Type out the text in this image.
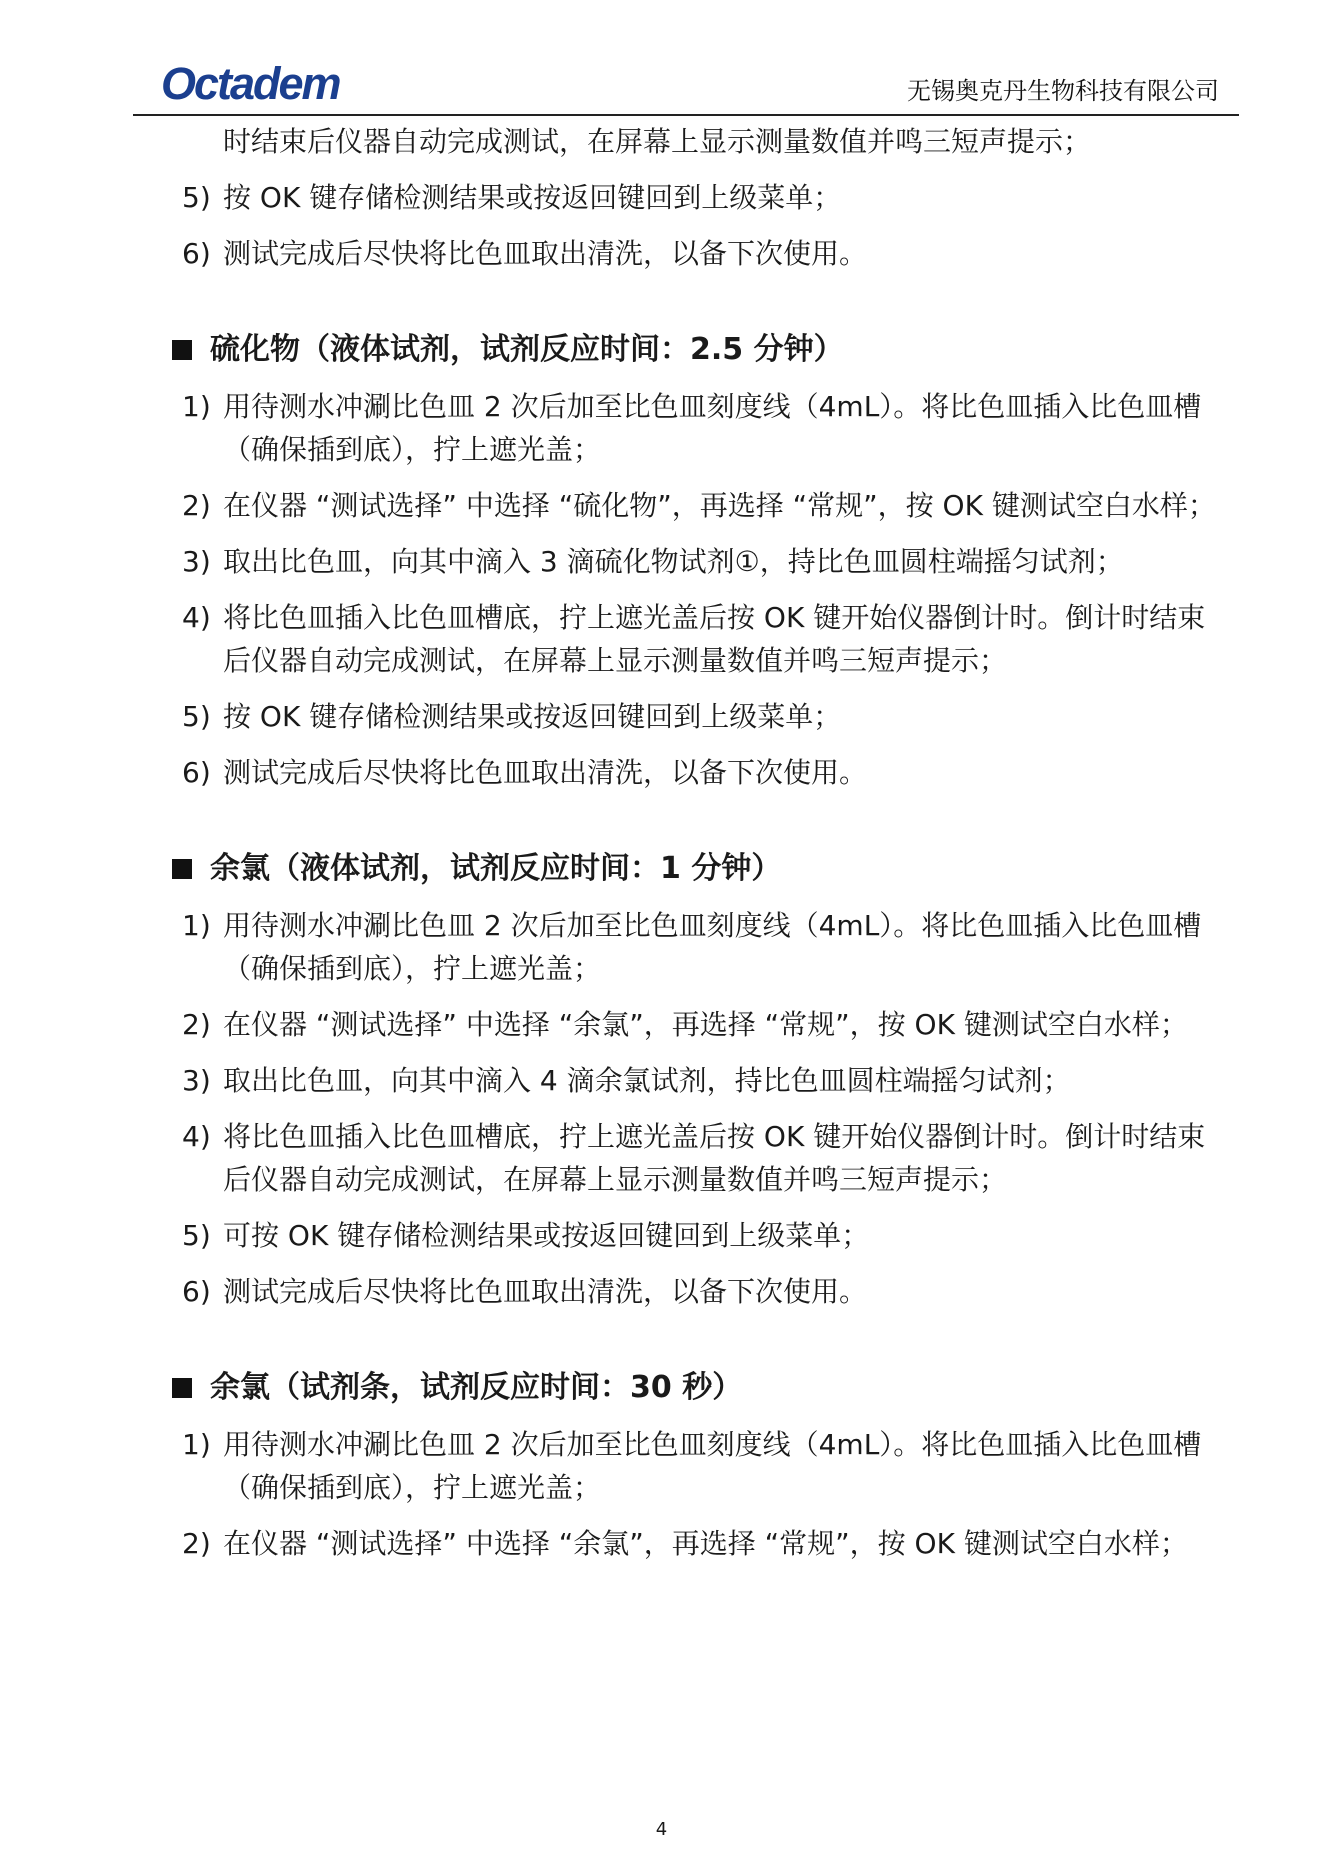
Octadem	无锡奥克丹生物科技有限公司
时结束后仪器自动完成测试，在屏幕上显示测量数值并鸣三短声提示；
5) 按 OK 键存储检测结果或按返回键回到上级菜单；
6) 测试完成后尽快将比色皿取出清洗，以备下次使用。
硫化物（液体试剂，试剂反应时间：2.5 分钟）
1) 用待测水冲涮比色皿 2 次后加至比色皿刻度线（4mL）。将比色皿插入比色皿槽（确保插到底），拧上遮光盖；
2) 在仪器 “测试选择” 中选择 “硫化物”，再选择 “常规”，按 OK 键测试空白水样；
3) 取出比色皿，向其中滴入 3 滴硫化物试剂①，持比色皿圆柱端摇匀试剂；
4) 将比色皿插入比色皿槽底，拧上遮光盖后按 OK 键开始仪器倒计时。倒计时结束后仪器自动完成测试，在屏幕上显示测量数值并鸣三短声提示；
5) 按 OK 键存储检测结果或按返回键回到上级菜单；
6) 测试完成后尽快将比色皿取出清洗，以备下次使用。
余氯（液体试剂，试剂反应时间：1 分钟）
1) 用待测水冲涮比色皿 2 次后加至比色皿刻度线（4mL）。将比色皿插入比色皿槽（确保插到底），拧上遮光盖；
2) 在仪器 “测试选择” 中选择 “余氯”，再选择 “常规”，按 OK 键测试空白水样；
3) 取出比色皿，向其中滴入 4 滴余氯试剂，持比色皿圆柱端摇匀试剂；
4) 将比色皿插入比色皿槽底，拧上遮光盖后按 OK 键开始仪器倒计时。倒计时结束后仪器自动完成测试，在屏幕上显示测量数值并鸣三短声提示；
5) 可按 OK 键存储检测结果或按返回键回到上级菜单；
6) 测试完成后尽快将比色皿取出清洗，以备下次使用。
余氯（试剂条，试剂反应时间：30 秒）
1) 用待测水冲涮比色皿 2 次后加至比色皿刻度线（4mL）。将比色皿插入比色皿槽（确保插到底），拧上遮光盖；
2) 在仪器 “测试选择” 中选择 “余氯”，再选择 “常规”，按 OK 键测试空白水样；
4
